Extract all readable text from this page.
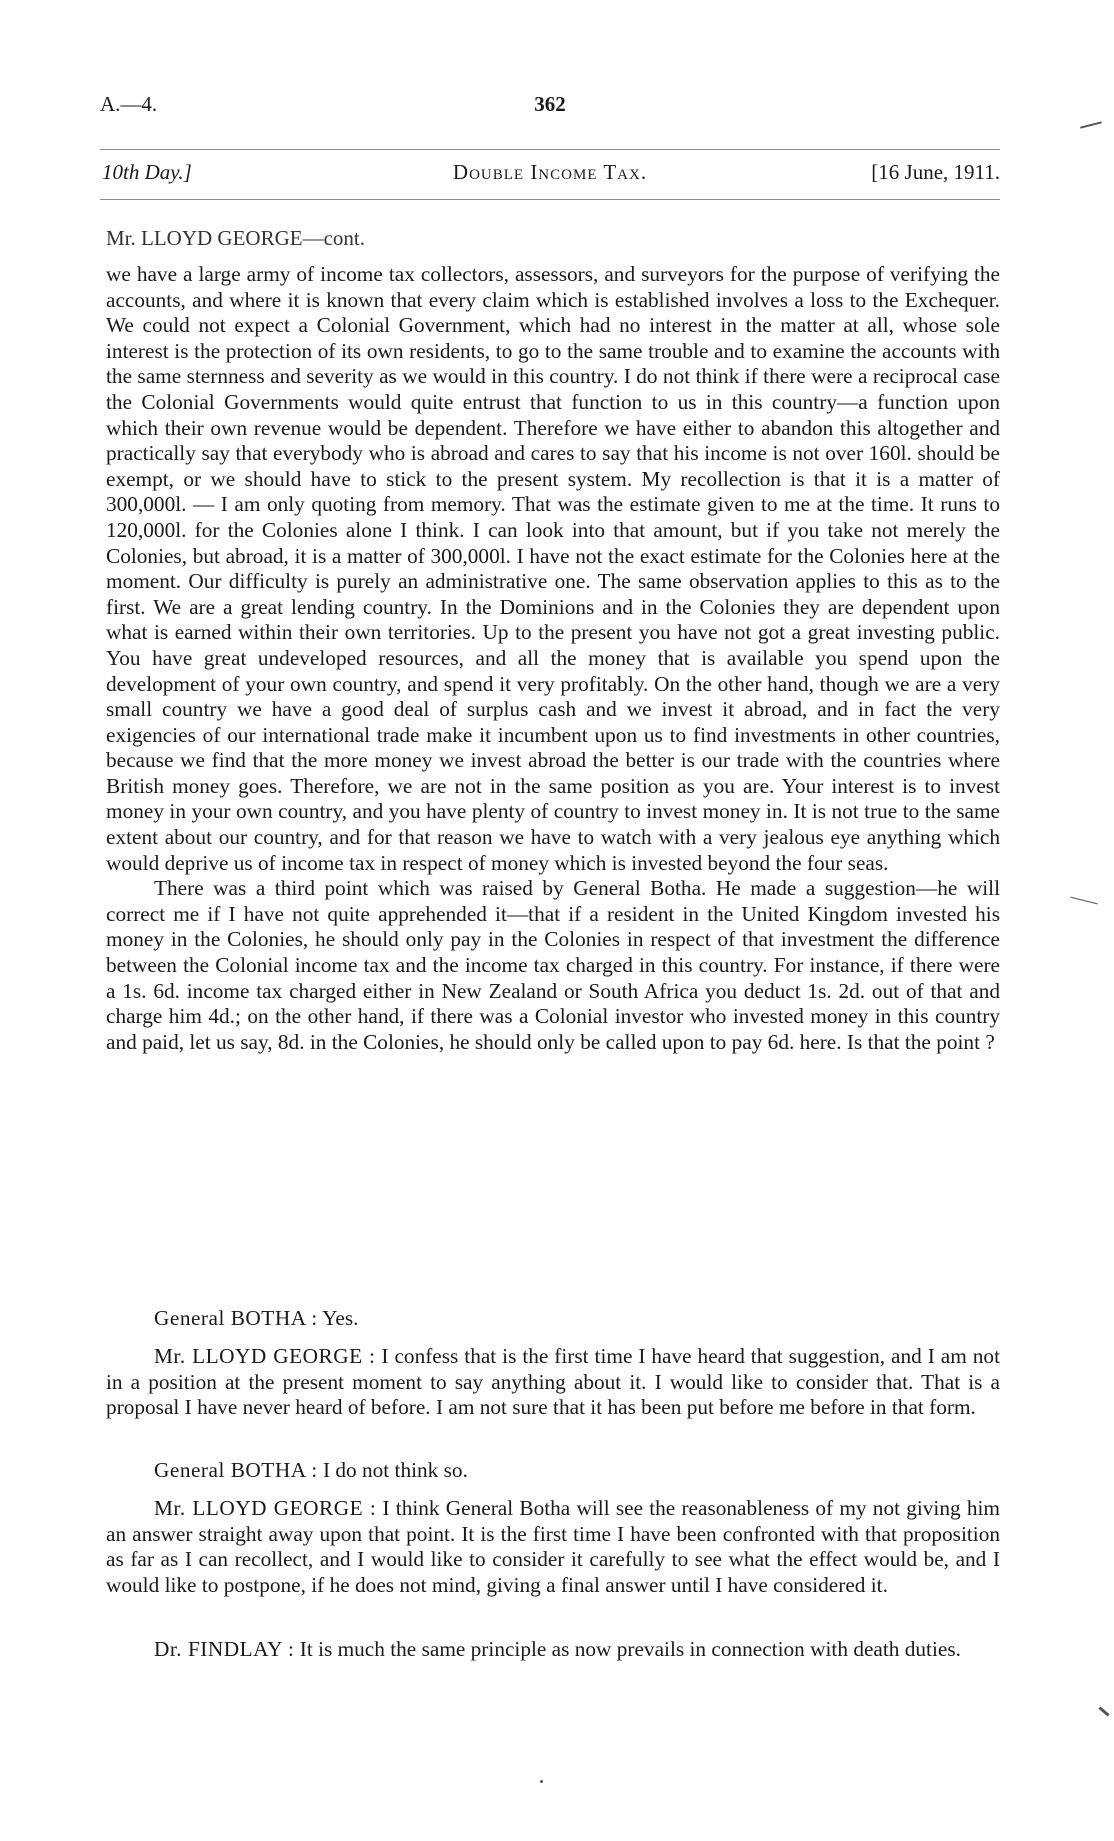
A.—4.	362
10th Day.]	Double Income Tax.	[16 June, 1911.
Mr. LLOYD GEORGE—cont.

we have a large army of income tax collectors, assessors, and surveyors for the purpose of verifying the accounts, and where it is known that every claim which is established involves a loss to the Exchequer. We could not expect a Colonial Government, which had no interest in the matter at all, whose sole interest is the protection of its own residents, to go to the same trouble and to examine the accounts with the same sternness and severity as we would in this country. I do not think if there were a reciprocal case the Colonial Governments would quite entrust that function to us in this country—a function upon which their own revenue would be dependent. Therefore we have either to abandon this altogether and practically say that everybody who is abroad and cares to say that his income is not over 160l. should be exempt, or we should have to stick to the present system. My recollection is that it is a matter of 300,000l. — I am only quoting from memory. That was the estimate given to me at the time. It runs to 120,000l. for the Colonies alone I think. I can look into that amount, but if you take not merely the Colonies, but abroad, it is a matter of 300,000l. I have not the exact estimate for the Colonies here at the moment. Our difficulty is purely an administrative one. The same observation applies to this as to the first. We are a great lending country. In the Dominions and in the Colonies they are dependent upon what is earned within their own territories. Up to the present you have not got a great investing public. You have great undeveloped resources, and all the money that is available you spend upon the development of your own country, and spend it very profitably. On the other hand, though we are a very small country we have a good deal of surplus cash and we invest it abroad, and in fact the very exigencies of our international trade make it incumbent upon us to find investments in other countries, because we find that the more money we invest abroad the better is our trade with the countries where British money goes. Therefore, we are not in the same position as you are. Your interest is to invest money in your own country, and you have plenty of country to invest money in. It is not true to the same extent about our country, and for that reason we have to watch with a very jealous eye anything which would deprive us of income tax in respect of money which is invested beyond the four seas.

There was a third point which was raised by General Botha. He made a suggestion—he will correct me if I have not quite apprehended it—that if a resident in the United Kingdom invested his money in the Colonies, he should only pay in the Colonies in respect of that investment the difference between the Colonial income tax and the income tax charged in this country. For instance, if there were a 1s. 6d. income tax charged either in New Zealand or South Africa you deduct 1s. 2d. out of that and charge him 4d.; on the other hand, if there was a Colonial investor who invested money in this country and paid, let us say, 8d. in the Colonies, he should only be called upon to pay 6d. here. Is that the point ?

General BOTHA : Yes.

Mr. LLOYD GEORGE : I confess that is the first time I have heard that suggestion, and I am not in a position at the present moment to say anything about it. I would like to consider that. That is a proposal I have never heard of before. I am not sure that it has been put before me before in that form.

General BOTHA : I do not think so.

Mr. LLOYD GEORGE : I think General Botha will see the reasonableness of my not giving him an answer straight away upon that point. It is the first time I have been confronted with that proposition as far as I can recollect, and I would like to consider it carefully to see what the effect would be, and I would like to postpone, if he does not mind, giving a final answer until I have considered it.

Dr. FINDLAY : It is much the same principle as now prevails in connection with death duties.
